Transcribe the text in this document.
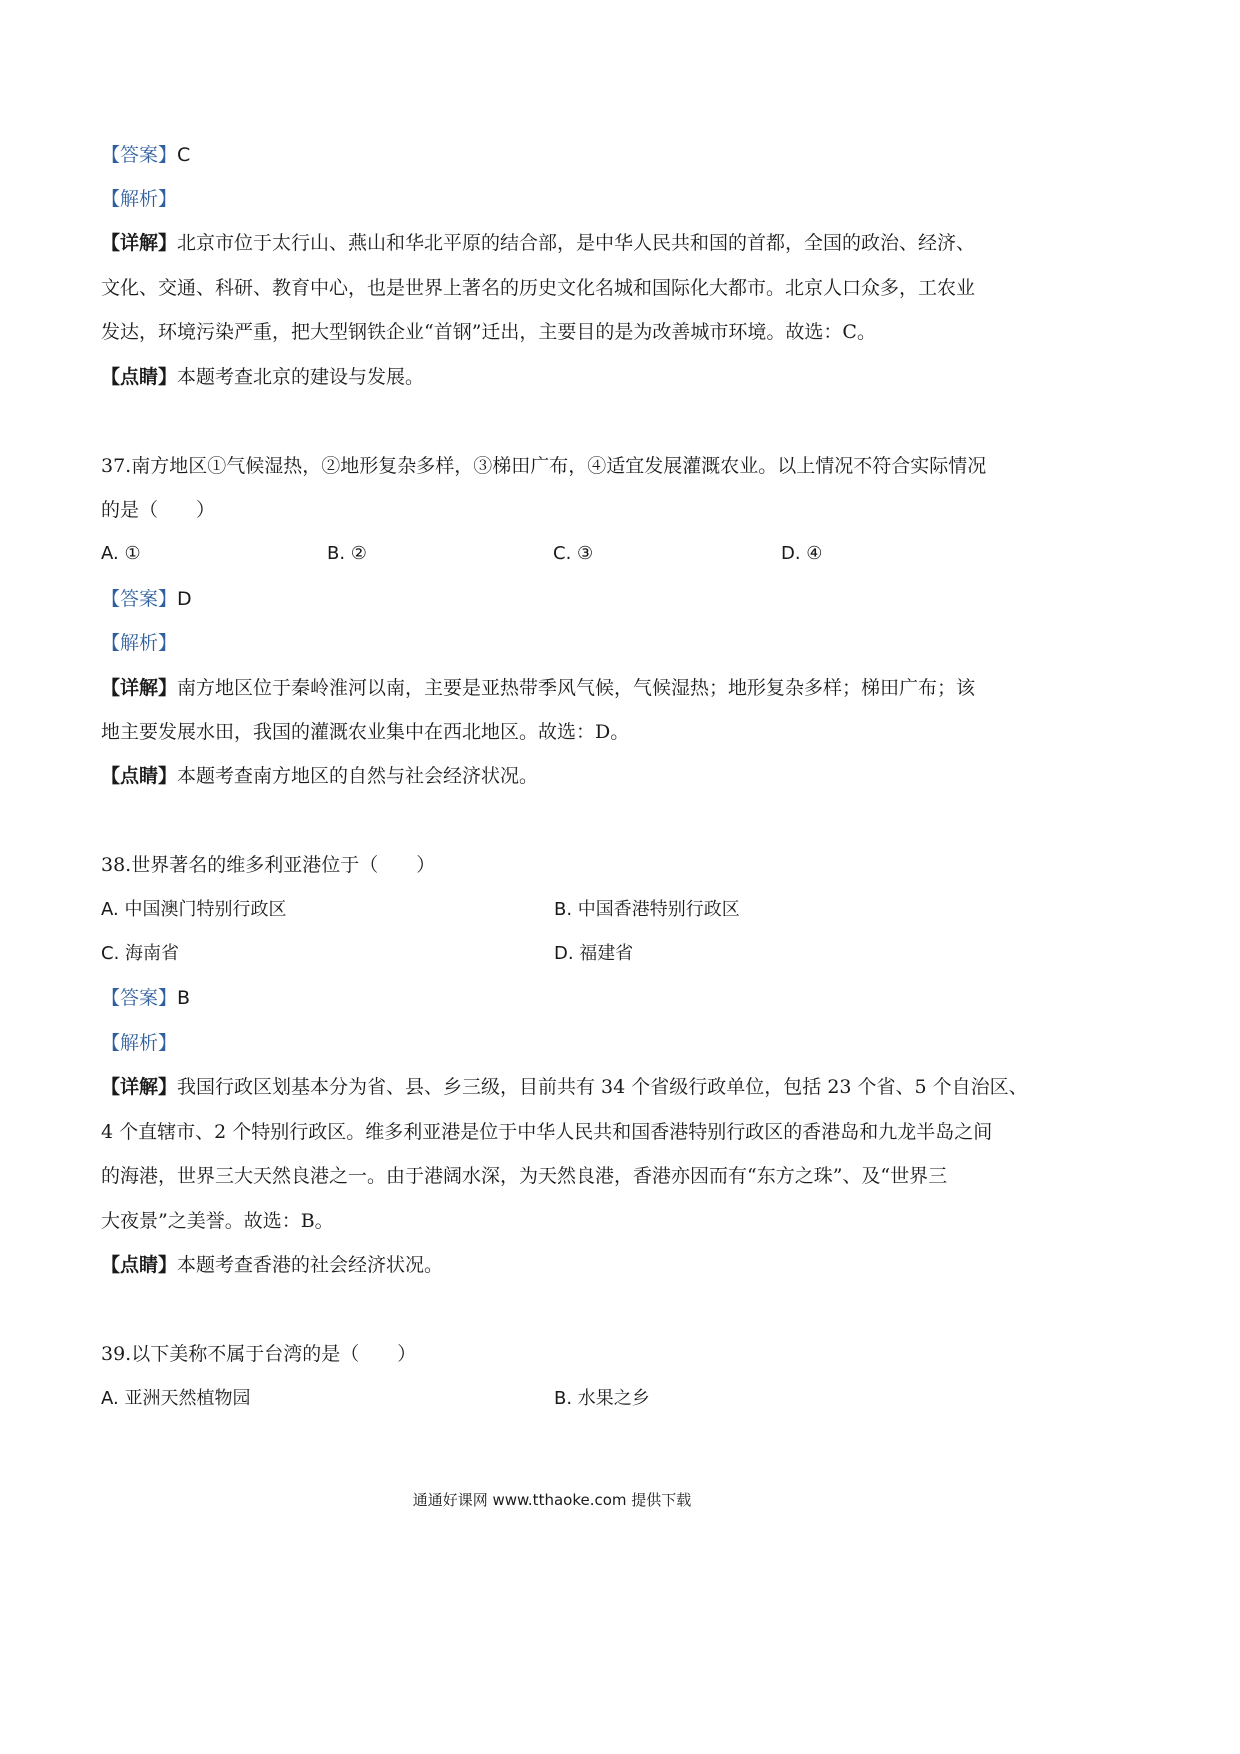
【答案】C
【解析】
【详解】北京市位于太行山、燕山和华北平原的结合部，是中华人民共和国的首都，全国的政治、经济、
文化、交通、科研、教育中心，也是世界上著名的历史文化名城和国际化大都市。北京人口众多，工农业
发达，环境污染严重，把大型钢铁企业“首钢”迁出，主要目的是为改善城市环境。故选：C。
【点睛】本题考查北京的建设与发展。
37.南方地区①气候湿热，②地形复杂多样，③梯田广布，④适宜发展灌溉农业。以上情况不符合实际情况
的是（　　）
A. ①	B. ②	C. ③	D. ④
【答案】D
【解析】
【详解】南方地区位于秦岭淮河以南，主要是亚热带季风气候，气候湿热；地形复杂多样；梯田广布；该
地主要发展水田，我国的灌溉农业集中在西北地区。故选：D。
【点睛】本题考查南方地区的自然与社会经济状况。
38.世界著名的维多利亚港位于（　　）
A. 中国澳门特别行政区	B. 中国香港特别行政区
C. 海南省	D. 福建省
【答案】B
【解析】
【详解】我国行政区划基本分为省、县、乡三级，目前共有 34 个省级行政单位，包括 23 个省、5 个自治区、
4 个直辖市、2 个特别行政区。维多利亚港是位于中华人民共和国香港特别行政区的香港岛和九龙半岛之间
的海港，世界三大天然良港之一。由于港阔水深，为天然良港，香港亦因而有“东方之珠”、及“世界三
大夜景”之美誉。故选：B。
【点睛】本题考查香港的社会经济状况。
39.以下美称不属于台湾的是（　　）
A. 亚洲天然植物园	B. 水果之乡
通通好课网 www.tthaoke.com 提供下载
